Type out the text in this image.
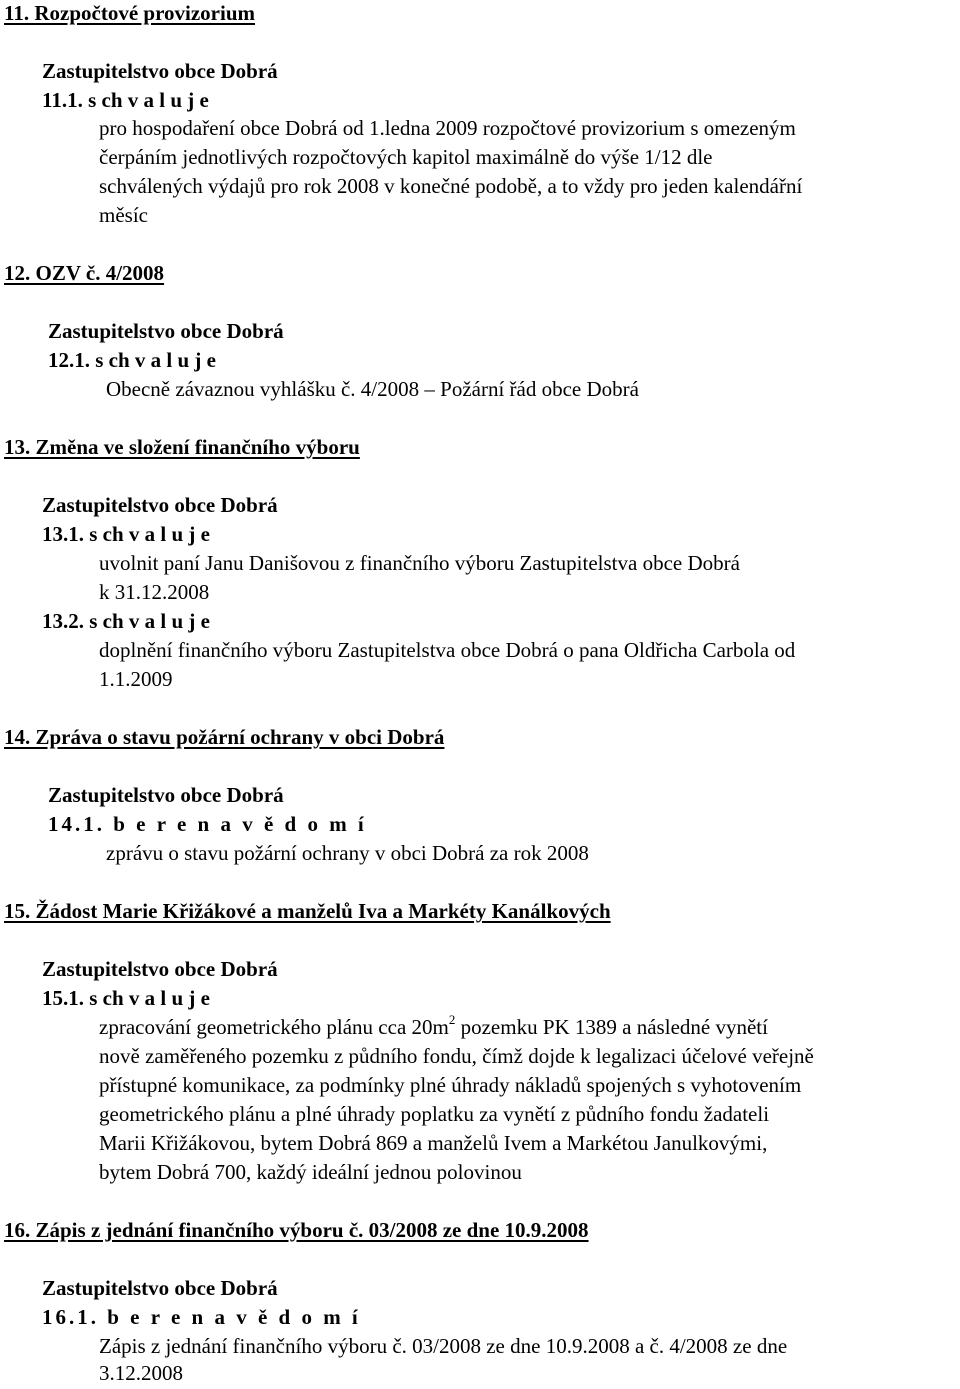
11. Rozpočtové provizorium
Zastupitelstvo obce Dobrá
11.1. s ch v a l u j e
pro hospodaření obce Dobrá od 1.ledna 2009 rozpočtové provizorium s omezeným
čerpáním jednotlivých rozpočtových kapitol maximálně do výše 1/12 dle
schválených výdajů pro rok 2008 v konečné podobě, a to vždy pro jeden kalendářní
měsíc
12. OZV č. 4/2008
Zastupitelstvo obce Dobrá
12.1. s ch v a l u j e
Obecně závaznou vyhlášku č. 4/2008 – Požární řád obce Dobrá
13. Změna ve složení finančního výboru
Zastupitelstvo obce Dobrá
13.1. s ch v a l u j e
uvolnit paní Janu Danišovou z finančního výboru Zastupitelstva obce Dobrá
k 31.12.2008
13.2. s ch v a l u j e
doplnění finančního výboru Zastupitelstva obce Dobrá o pana Oldřicha Carbola od
1.1.2009
14. Zpráva o stavu požární ochrany v obci Dobrá
Zastupitelstvo obce Dobrá
14.1. b e r e n a v ě d o m í
zprávu o stavu požární ochrany v obci Dobrá za rok 2008
15. Žádost Marie Křižákové a manželů Iva a Markéty Kanálkových
Zastupitelstvo obce Dobrá
15.1. s ch v a l u j e
zpracování geometrického plánu cca $20m^2$ pozemku PK 1389 a následné vynětí
nově zaměřeného pozemku z půdního fondu, čímž dojde k legalizaci účelové veřejně
přístupné komunikace, za podmínky plné úhrady nákladů spojených s vyhotovením
geometrického plánu a plné úhrady poplatku za vynětí z půdního fondu žadateli
Marii Křižákovou, bytem Dobrá 869 a manželů Ivem a Markétou Janulkovými,
bytem Dobrá 700, každý ideální jednou polovinou
16. Zápis z jednání finančního výboru č. 03/2008 ze dne 10.9.2008
Zastupitelstvo obce Dobrá
16.1. b e r e n a v ě d o m í
Zápis z jednání finančního výboru č. 03/2008 ze dne 10.9.2008 a č. 4/2008 ze dne
3.12.2008
